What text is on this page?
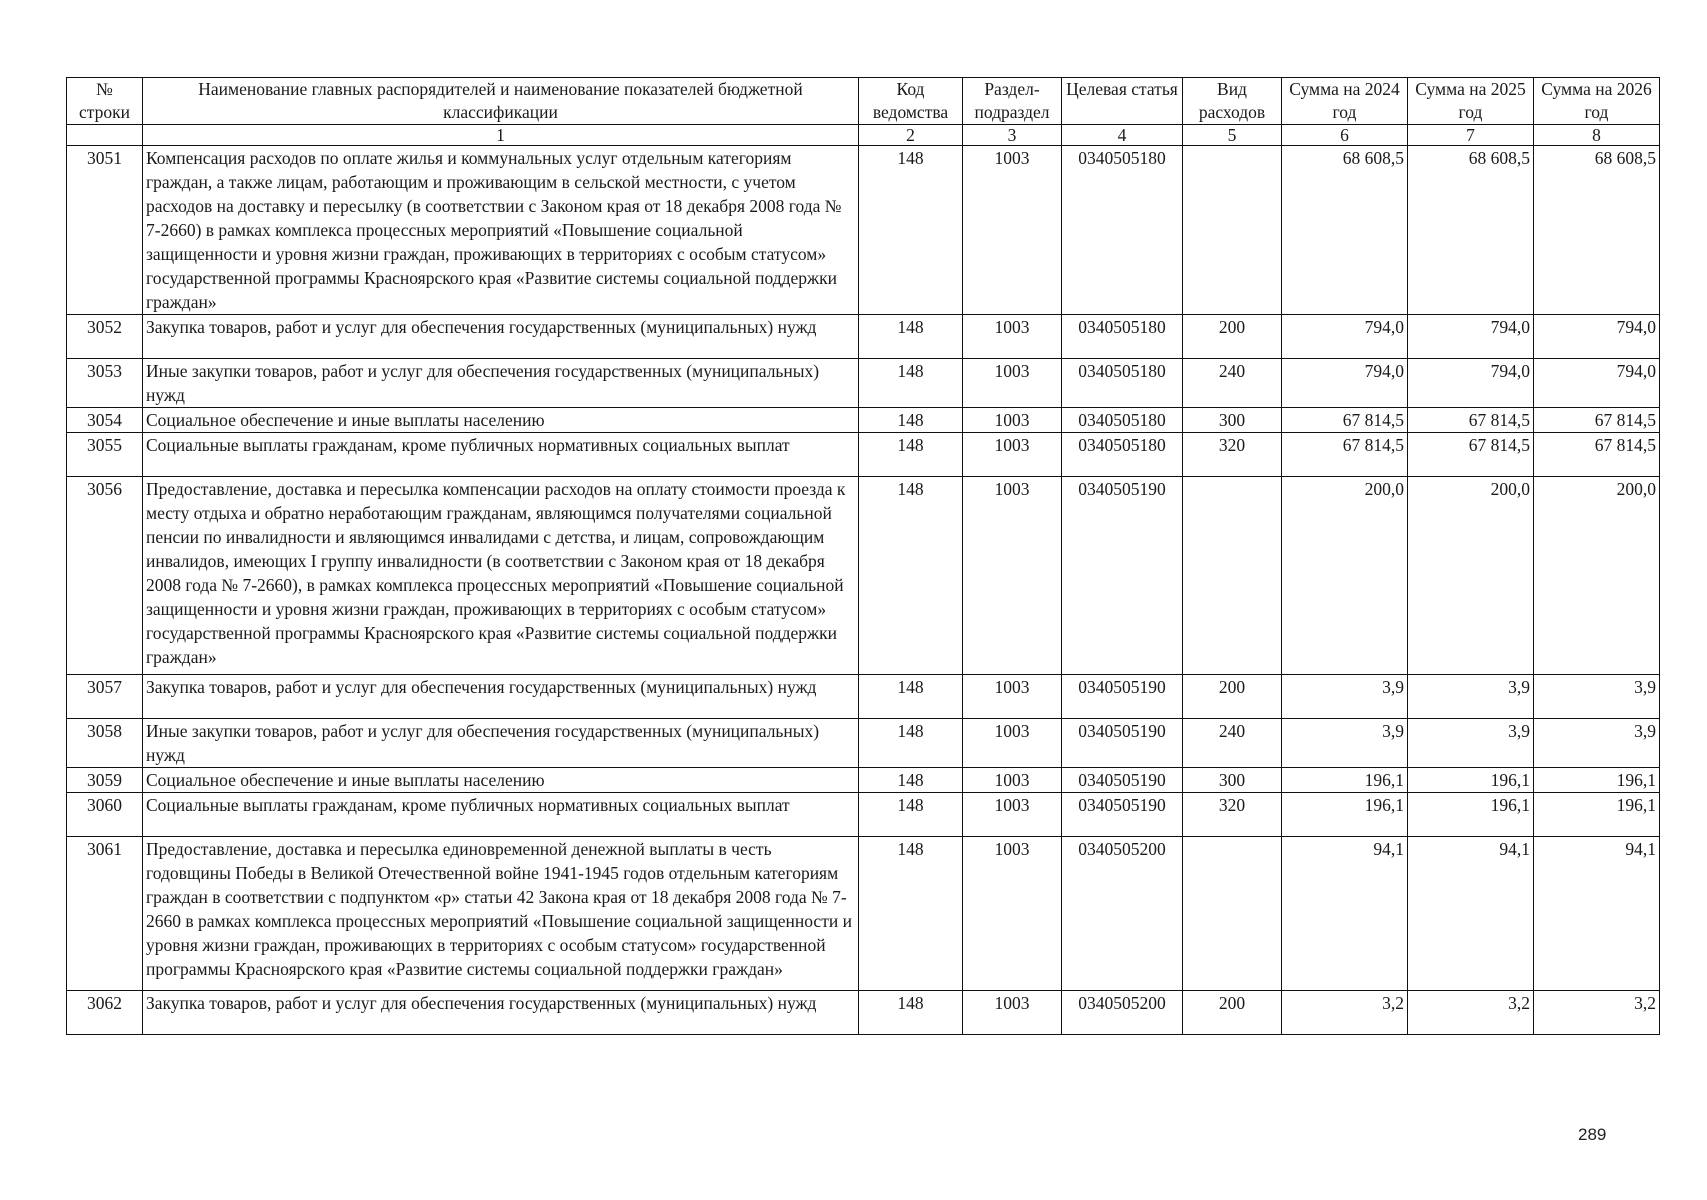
№ строки	Наименование главных распорядителей и наименование показателей бюджетной классификации	Код ведомства	Раздел-подраздел	Целевая статья	Вид расходов	Сумма на 2024 год	Сумма на 2025 год	Сумма на 2026 год
	1	2	3	4	5	6	7	8
3051	Компенсация расходов по оплате жилья и коммунальных услуг отдельным категориям граждан, а также лицам, работающим и проживающим в сельской местности, с учетом расходов на доставку и пересылку (в соответствии с Законом края от 18 декабря 2008 года № 7-2660) в рамках комплекса процессных мероприятий «Повышение социальной защищенности и уровня жизни граждан, проживающих в территориях с особым статусом» государственной программы Красноярского края «Развитие системы социальной поддержки граждан»	148	1003	0340505180		68 608,5	68 608,5	68 608,5
3052	Закупка товаров, работ и услуг для обеспечения государственных (муниципальных) нужд	148	1003	0340505180	200	794,0	794,0	794,0
3053	Иные закупки товаров, работ и услуг для обеспечения государственных (муниципальных) нужд	148	1003	0340505180	240	794,0	794,0	794,0
3054	Социальное обеспечение и иные выплаты населению	148	1003	0340505180	300	67 814,5	67 814,5	67 814,5
3055	Социальные выплаты гражданам, кроме публичных нормативных социальных выплат	148	1003	0340505180	320	67 814,5	67 814,5	67 814,5
3056	Предоставление, доставка и пересылка компенсации расходов на оплату стоимости проезда к месту отдыха и обратно неработающим гражданам, являющимся получателями социальной пенсии по инвалидности и являющимся инвалидами с детства, и лицам, сопровождающим инвалидов, имеющих I группу инвалидности (в соответствии с Законом края от 18 декабря 2008 года № 7-2660), в рамках комплекса процессных мероприятий «Повышение социальной защищенности и уровня жизни граждан, проживающих в территориях с особым статусом» государственной программы Красноярского края «Развитие системы социальной поддержки граждан»	148	1003	0340505190		200,0	200,0	200,0
3057	Закупка товаров, работ и услуг для обеспечения государственных (муниципальных) нужд	148	1003	0340505190	200	3,9	3,9	3,9
3058	Иные закупки товаров, работ и услуг для обеспечения государственных (муниципальных) нужд	148	1003	0340505190	240	3,9	3,9	3,9
3059	Социальное обеспечение и иные выплаты населению	148	1003	0340505190	300	196,1	196,1	196,1
3060	Социальные выплаты гражданам, кроме публичных нормативных социальных выплат	148	1003	0340505190	320	196,1	196,1	196,1
3061	Предоставление, доставка и пересылка единовременной денежной выплаты в честь годовщины Победы в Великой Отечественной войне 1941-1945 годов отдельным категориям граждан в соответствии с подпунктом «р» статьи 42 Закона края от 18 декабря 2008 года № 7-2660 в рамках комплекса процессных мероприятий «Повышение социальной защищенности и уровня жизни граждан, проживающих в территориях с особым статусом» государственной программы Красноярского края «Развитие системы социальной поддержки граждан»	148	1003	0340505200		94,1	94,1	94,1
3062	Закупка товаров, работ и услуг для обеспечения государственных (муниципальных) нужд	148	1003	0340505200	200	3,2	3,2	3,2
289
